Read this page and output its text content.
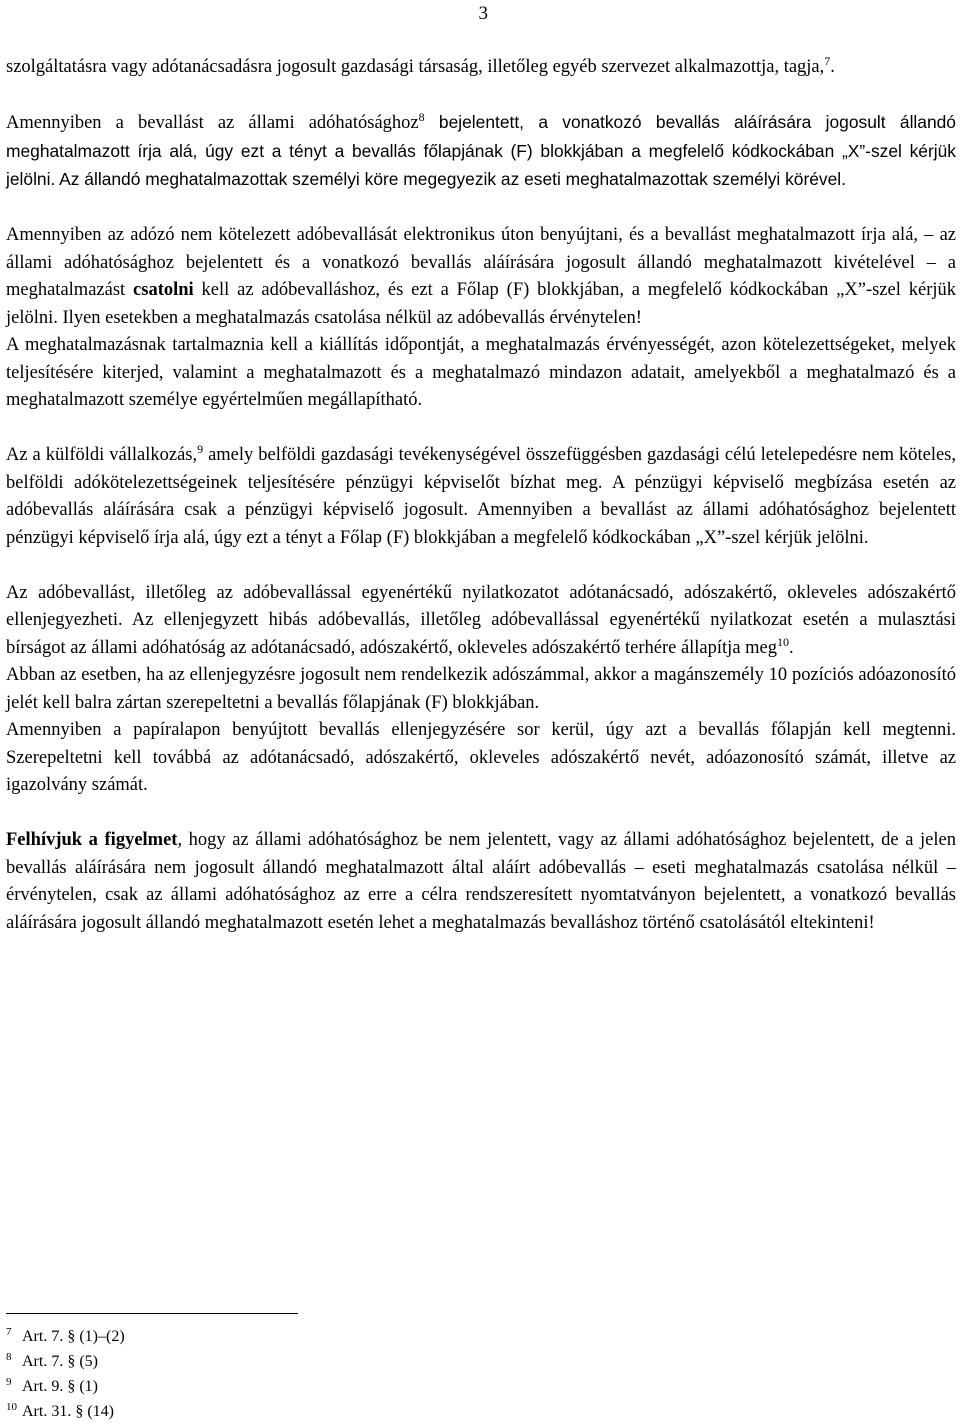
3

szolgáltatásra vagy adótanácsadásra jogosult gazdasági társaság, illetőleg egyéb szervezet alkalmazottja, tagja,$^7$.

Amennyiben a bevallást az állami adóhatósághoz$^8$ bejelentett, a vonatkozó bevallás aláírására jogosult állandó meghatalmazott írja alá, úgy ezt a tényt a bevallás főlapjának (F) blokkjában a megfelelő kódkockában „X”-szel kérjük jelölni. Az állandó meghatalmazottak személyi köre megegyezik az eseti meghatalmazottak személyi körével.

Amennyiben az adózó nem kötelezett adóbevallását elektronikus úton benyújtani, és a bevallást meghatalmazott írja alá, – az állami adóhatósághoz bejelentett és a vonatkozó bevallás aláírására jogosult állandó meghatalmazott kivételével – a meghatalmazást csatolni kell az adóbevalláshoz, és ezt a Főlap (F) blokkjában, a megfelelő kódkockában „X”-szel kérjük jelölni. Ilyen esetekben a meghatalmazás csatolása nélkül az adóbevallás érvénytelen!

A meghatalmazásnak tartalmaznia kell a kiállítás időpontját, a meghatalmazás érvényességét, azon kötelezettségeket, melyek teljesítésére kiterjed, valamint a meghatalmazott és a meghatalmazó mindazon adatait, amelyekből a meghatalmazó és a meghatalmazott személye egyértelműen megállapítható.

Az a külföldi vállalkozás,$^9$ amely belföldi gazdasági tevékenységével összefüggésben gazdasági célú letelepedésre nem köteles, belföldi adókötelezettségeinek teljesítésére pénzügyi képviselőt bízhat meg. A pénzügyi képviselő megbízása esetén az adóbevallás aláírására csak a pénzügyi képviselő jogosult. Amennyiben a bevallást az állami adóhatósághoz bejelentett pénzügyi képviselő írja alá, úgy ezt a tényt a Főlap (F) blokkjában a megfelelő kódkockában „X”-szel kérjük jelölni.

Az adóbevallást, illetőleg az adóbevallással egyenértékű nyilatkozatot adótanácsadó, adószakértő, okleveles adószakértő ellenjegyezheti. Az ellenjegyzett hibás adóbevallás, illetőleg adóbevallással egyenértékű nyilatkozat esetén a mulasztási bírságot az állami adóhatóság az adótanácsadó, adószakértő, okleveles adószakértő terhére állapítja meg$^{10}$.

Abban az esetben, ha az ellenjegyzésre jogosult nem rendelkezik adószámmal, akkor a magánszemély 10 pozíciós adóazonosító jelét kell balra zártan szerepeltetni a bevallás főlapjának (F) blokkjában.

Amennyiben a papíralapon benyújtott bevallás ellenjegyzésére sor kerül, úgy azt a bevallás főlapján kell megtenni. Szerepeltetni kell továbbá az adótanácsadó, adószakértő, okleveles adószakértő nevét, adóazonosító számát, illetve az igazolvány számát.

Felhívjuk a figyelmet, hogy az állami adóhatósághoz be nem jelentett, vagy az állami adóhatósághoz bejelentett, de a jelen bevallás aláírására nem jogosult állandó meghatalmazott által aláírt adóbevallás – eseti meghatalmazás csatolása nélkül – érvénytelen, csak az állami adóhatósághoz az erre a célra rendszeresített nyomtatványon bejelentett, a vonatkozó bevallás aláírására jogosult állandó meghatalmazott esetén lehet a meghatalmazás bevalláshoz történő csatolásától eltekinteni!

7 Art. 7. § (1)–(2)
8 Art. 7. § (5)
9 Art. 9. § (1)
10 Art. 31. § (14)
